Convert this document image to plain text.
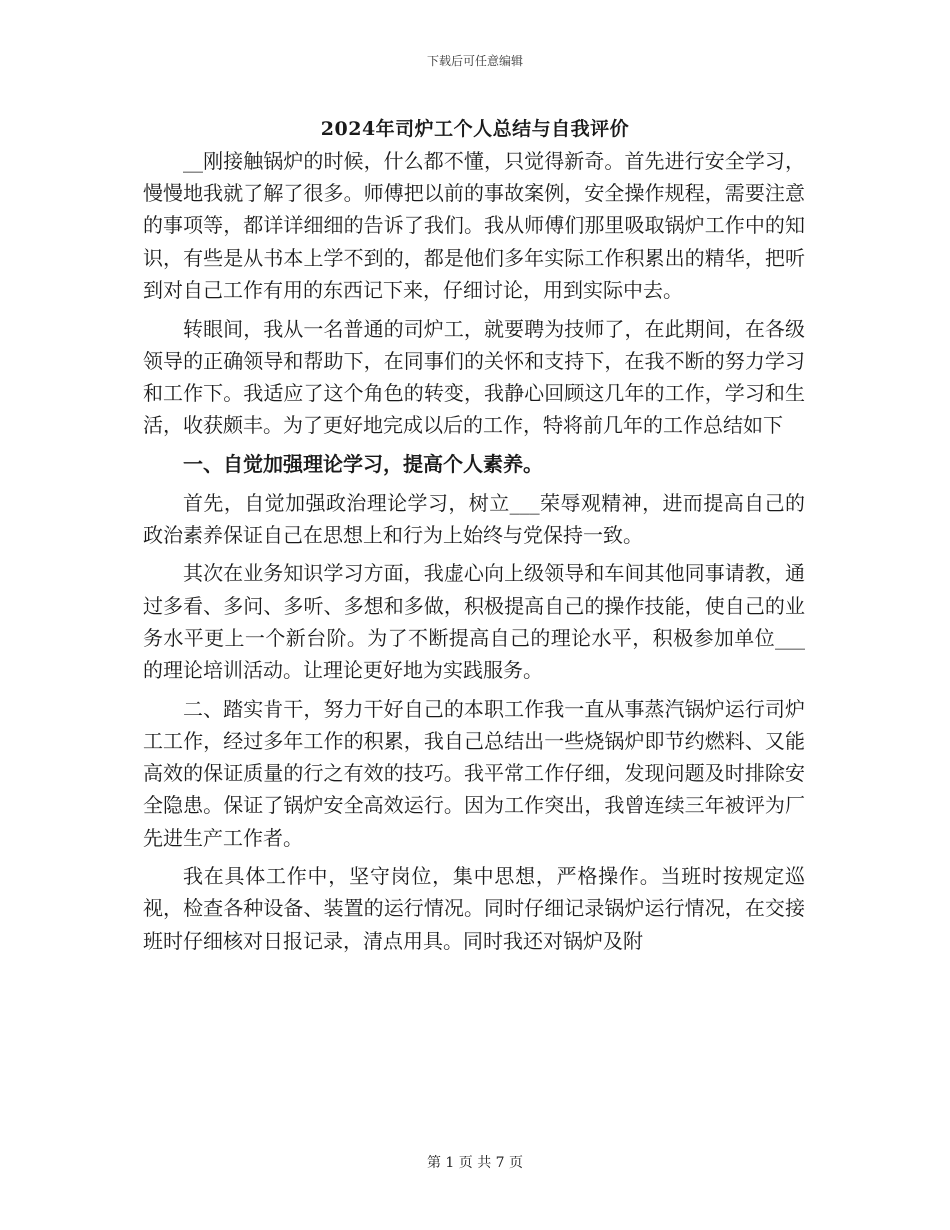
下载后可任意编辑
2024年司炉工个人总结与自我评价

__刚接触锅炉的时候，什么都不懂，只觉得新奇。首先进行安全学习，慢慢地我就了解了很多。师傅把以前的事故案例，安全操作规程，需要注意的事项等，都详详细细的告诉了我们。我从师傅们那里吸取锅炉工作中的知识，有些是从书本上学不到的，都是他们多年实际工作积累出的精华，把听到对自己工作有用的东西记下来，仔细讨论，用到实际中去。

转眼间，我从一名普通的司炉工，就要聘为技师了，在此期间，在各级领导的正确领导和帮助下，在同事们的关怀和支持下，在我不断的努力学习和工作下。我适应了这个角色的转变，我静心回顾这几年的工作，学习和生活，收获颇丰。为了更好地完成以后的工作，特将前几年的工作总结如下

一、自觉加强理论学习，提高个人素养。

首先，自觉加强政治理论学习，树立___荣辱观精神，进而提高自己的政治素养保证自己在思想上和行为上始终与党保持一致。

其次在业务知识学习方面，我虚心向上级领导和车间其他同事请教，通过多看、多问、多听、多想和多做，积极提高自己的操作技能，使自己的业务水平更上一个新台阶。为了不断提高自己的理论水平，积极参加单位___的理论培训活动。让理论更好地为实践服务。

二、踏实肯干，努力干好自己的本职工作我一直从事蒸汽锅炉运行司炉工工作，经过多年工作的积累，我自己总结出一些烧锅炉即节约燃料、又能高效的保证质量的行之有效的技巧。我平常工作仔细，发现问题及时排除安全隐患。保证了锅炉安全高效运行。因为工作突出，我曾连续三年被评为厂先进生产工作者。

我在具体工作中，坚守岗位，集中思想，严格操作。当班时按规定巡视，检查各种设备、装置的运行情况。同时仔细记录锅炉运行情况，在交接班时仔细核对日报记录，清点用具。同时我还对锅炉及附

第 1 页 共 7 页
